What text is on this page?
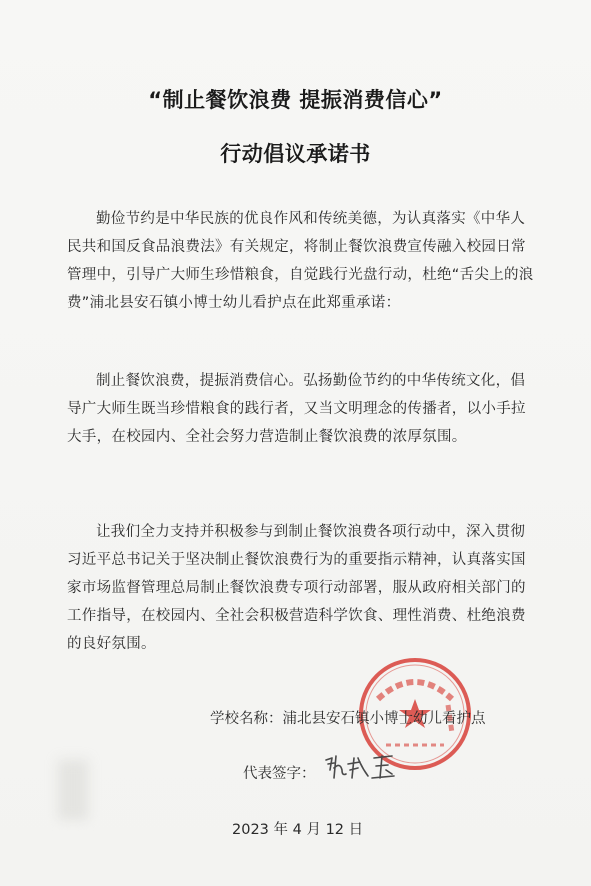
“制止餐饮浪费 提振消费信心”
行动倡议承诺书
勤俭节约是中华民族的优良作风和传统美德，为认真落实《中华人民共和国反食品浪费法》有关规定，将制止餐饮浪费宣传融入校园日常管理中，引导广大师生珍惜粮食，自觉践行光盘行动，杜绝“舌尖上的浪费”浦北县安石镇小博士幼儿看护点在此郑重承诺：
制止餐饮浪费，提振消费信心。弘扬勤俭节约的中华传统文化，倡导广大师生既当珍惜粮食的践行者，又当文明理念的传播者，以小手拉大手，在校园内、全社会努力营造制止餐饮浪费的浓厚氛围。
让我们全力支持并积极参与到制止餐饮浪费各项行动中，深入贯彻习近平总书记关于坚决制止餐饮浪费行为的重要指示精神，认真落实国家市场监督管理总局制止餐饮浪费专项行动部署，服从政府相关部门的工作指导，在校园内、全社会积极营造科学饮食、理性消费、杜绝浪费的良好氛围。
学校名称：浦北县安石镇小博士幼儿看护点
代表签字：
2023 年 4 月 12 日
